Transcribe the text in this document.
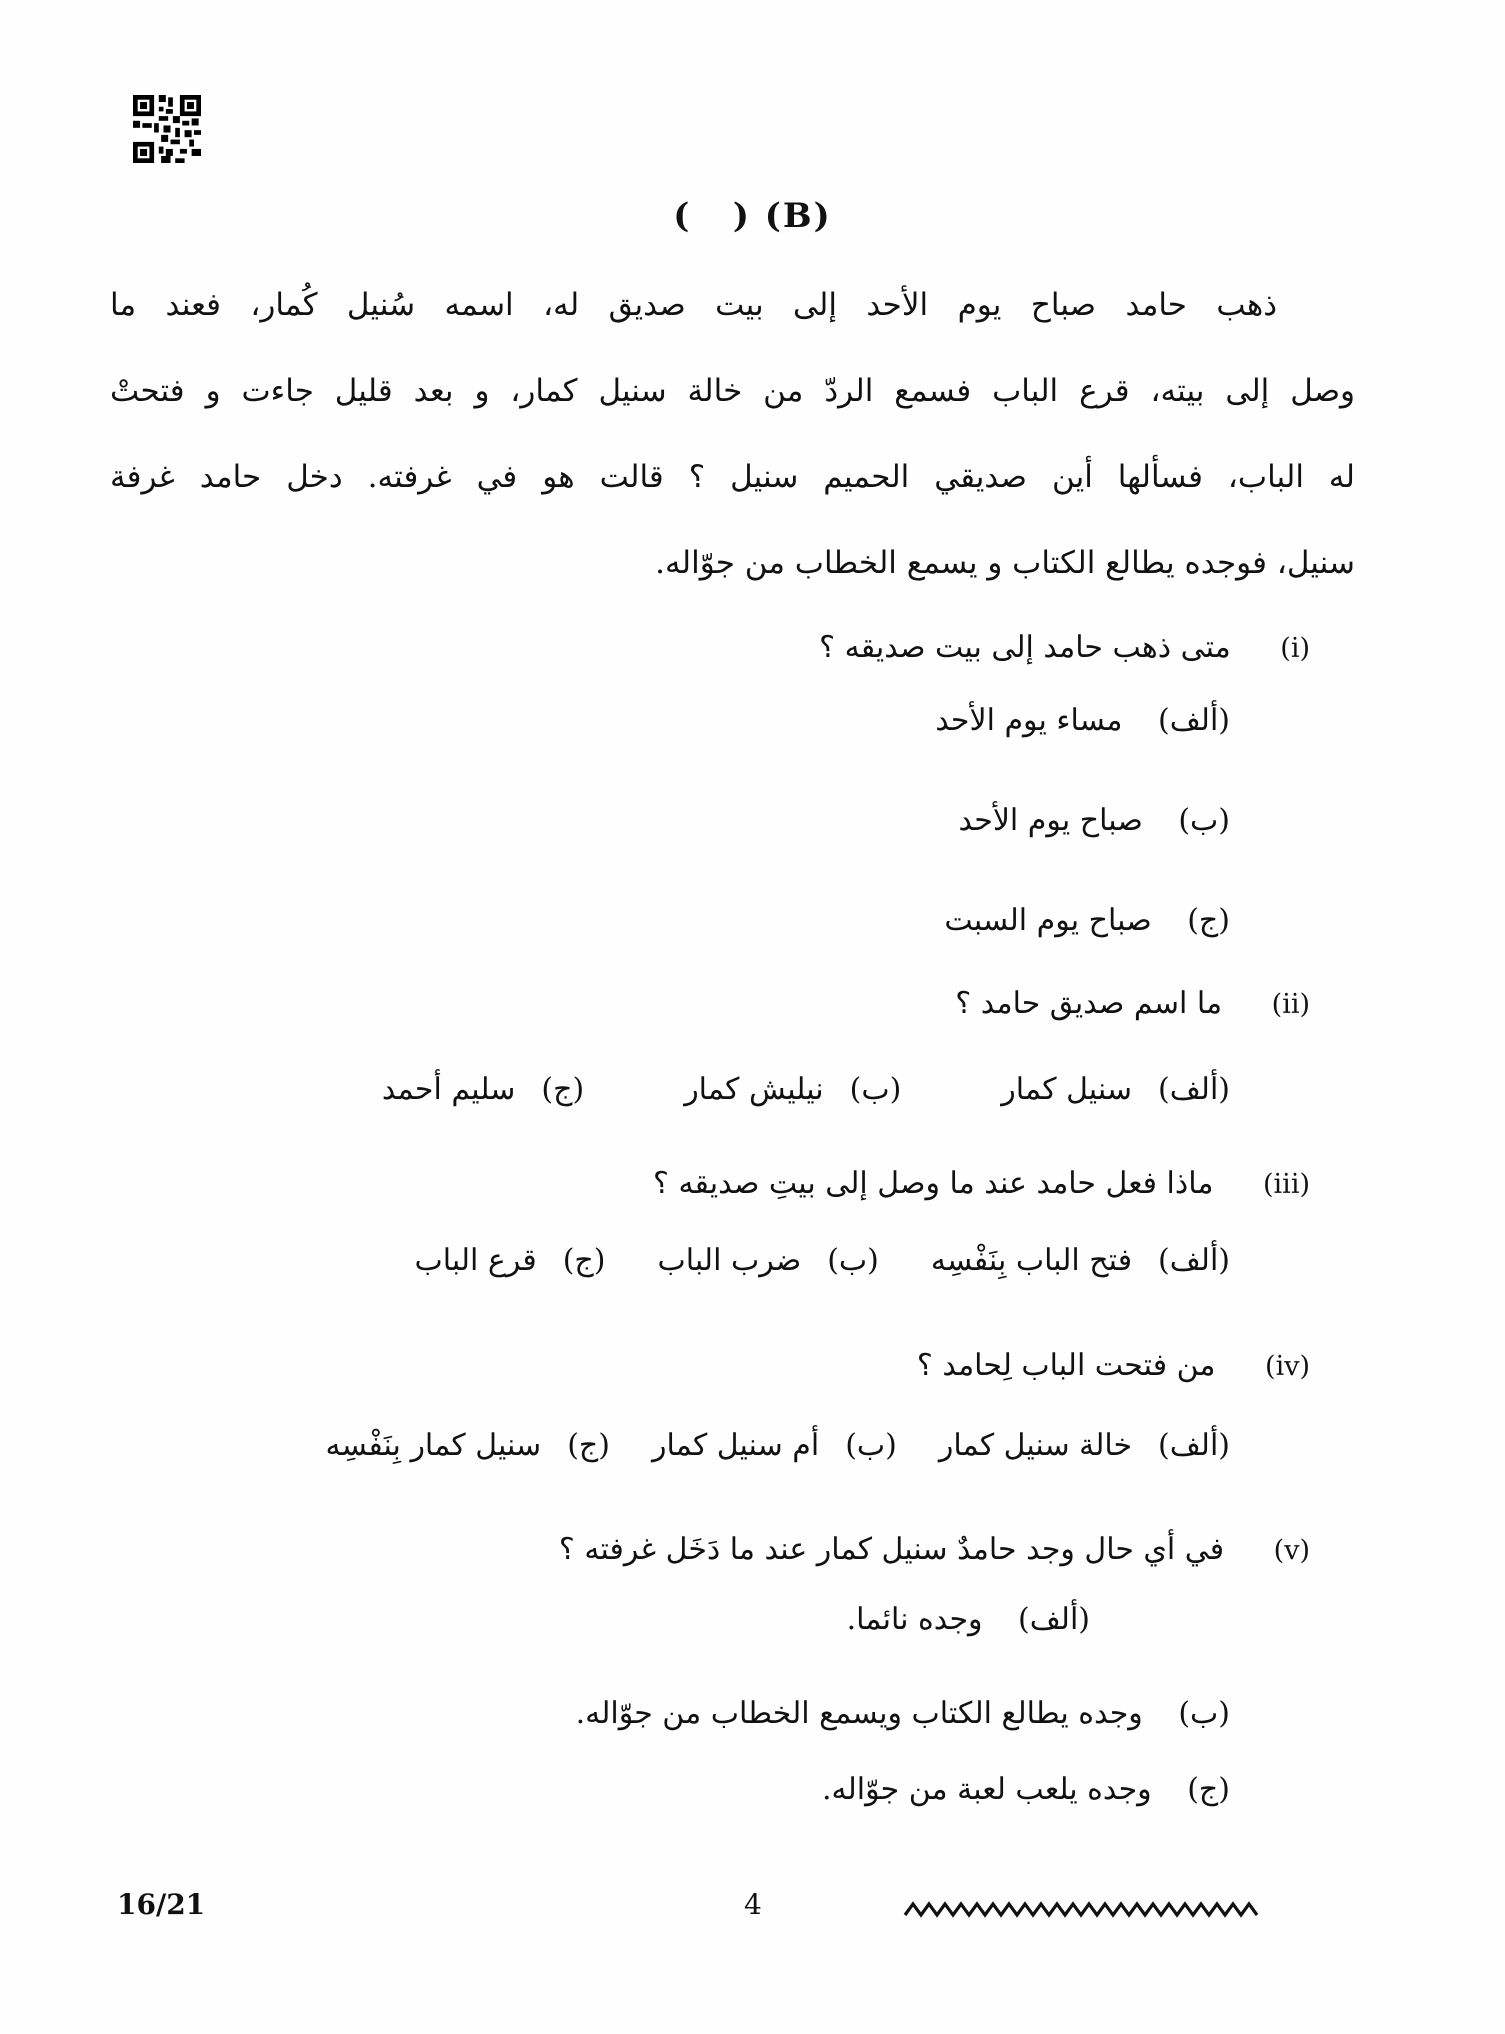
(   ) (B)
ذهب حامد صباح يوم الأحد إلى بيت صديق له، اسمه سُنيل كُمار، فعند ما
وصل إلى بيته، قرع الباب فسمع الردّ من خالة سنيل كمار، و بعد قليل جاءت و فتحتْ
له الباب، فسألها أين صديقي الحميم سنيل ؟ قالت هو في غرفته. دخل حامد غرفة
سنيل، فوجده يطالع الكتاب و يسمع الخطاب من جوّاله.
(i) متى ذهب حامد إلى بيت صديقه ؟
(ألف) مساء يوم الأحد
(ب) صباح يوم الأحد
(ج) صباح يوم السبت
(ii) ما اسم صديق حامد ؟
(ألف)سنيل كمار
(ب)نيليش كمار
(ج)سليم أحمد
(iii) ماذا فعل حامد عند ما وصل إلى بيتِ صديقه ؟
(ألف)فتح الباب بِنَفْسِه
(ب)ضرب الباب
(ج)قرع الباب
(iv) من فتحت الباب لِحامد ؟
(ألف)خالة سنيل كمار
(ب)أم سنيل كمار
(ج)سنيل كمار بِنَفْسِه
(v) في أي حال وجد حامدٌ سنيل كمار عند ما دَخَل غرفته ؟
(ألف) وجده نائما.
(ب) وجده يطالع الكتاب ويسمع الخطاب من جوّاله.
(ج) وجده يلعب لعبة من جوّاله.
16/21	4
